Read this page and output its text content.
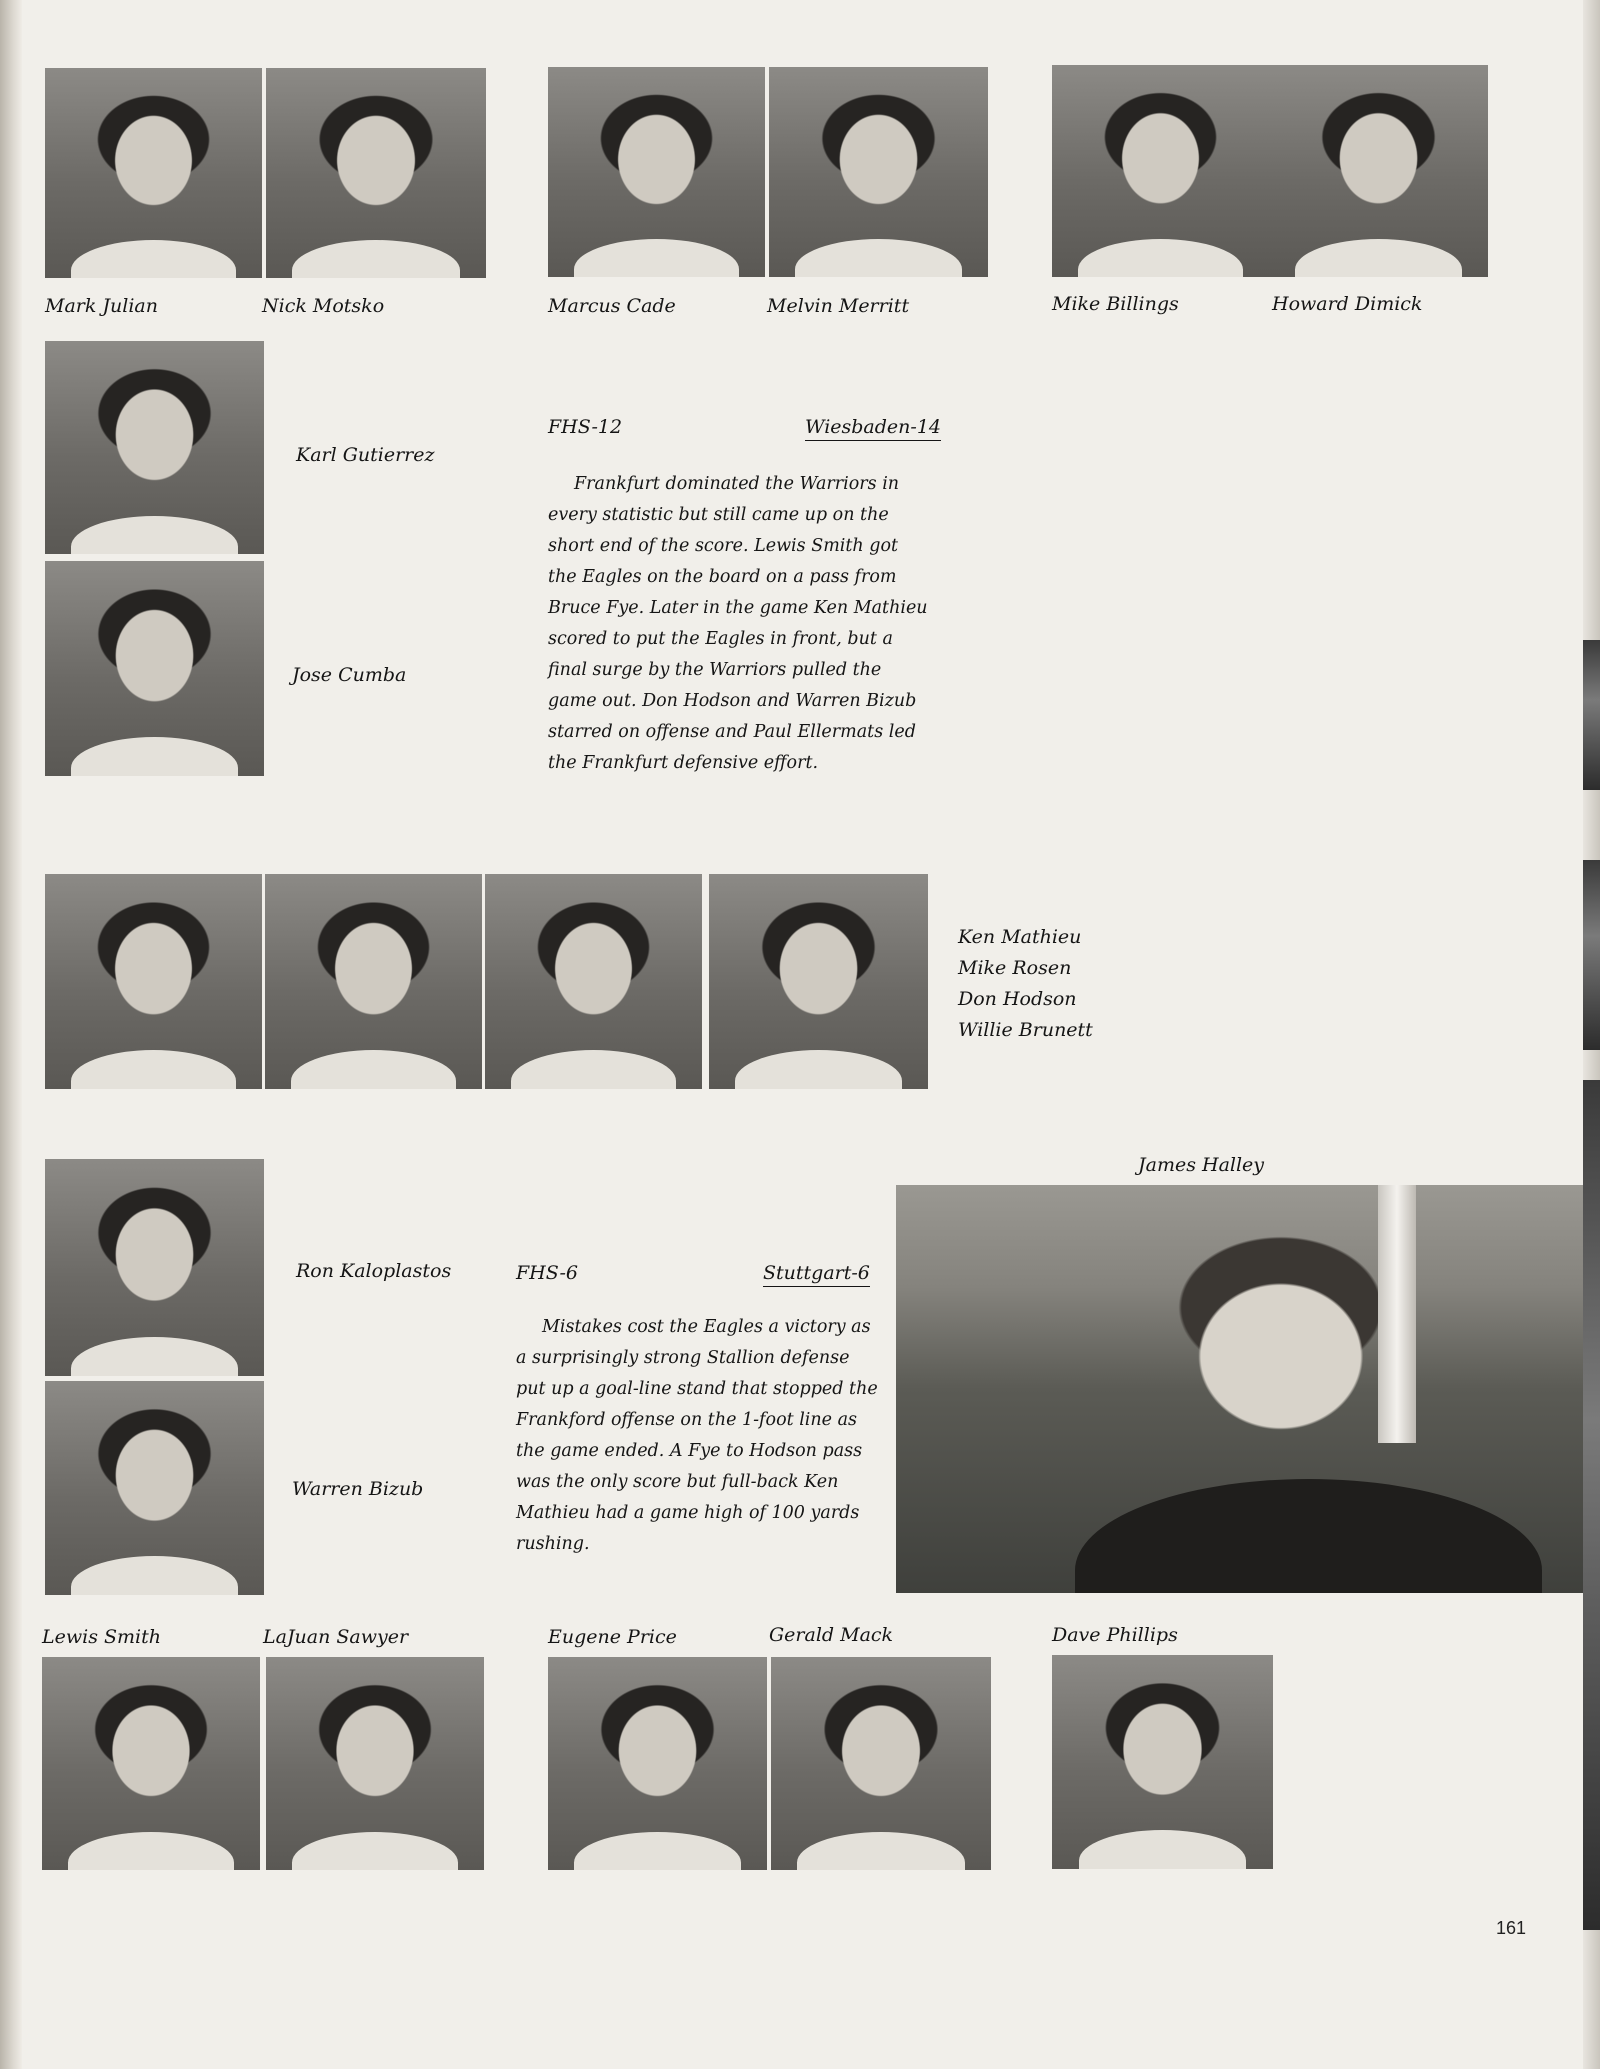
Mark Julian	Nick Motsko	Marcus Cade	Melvin Merritt	Mike Billings	Howard Dimick
Karl Gutierrez
Jose Cumba
FHS-12	Wiesbaden-14

Frankfurt dominated the Warriors in every statistic but still came up on the short end of the score. Lewis Smith got the Eagles on the board on a pass from Bruce Fye. Later in the game Ken Mathieu scored to put the Eagles in front, but a final surge by the Warriors pulled the game out. Don Hodson and Warren Bizub starred on offense and Paul Ellermats led the Frankfurt defensive effort.

Ken Mathieu
Mike Rosen
Don Hodson
Willie Brunett
Ron Kaloplastos
Warren Bizub
FHS-6	Stuttgart-6

Mistakes cost the Eagles a victory as a surprisingly strong Stallion defense put up a goal-line stand that stopped the Frankford offense on the 1-foot line as the game ended. A Fye to Hodson pass was the only score but full-back Ken Mathieu had a game high of 100 yards rushing.

James Halley
Lewis Smith	LaJuan Sawyer	Eugene Price	Gerald Mack	Dave Phillips
161
